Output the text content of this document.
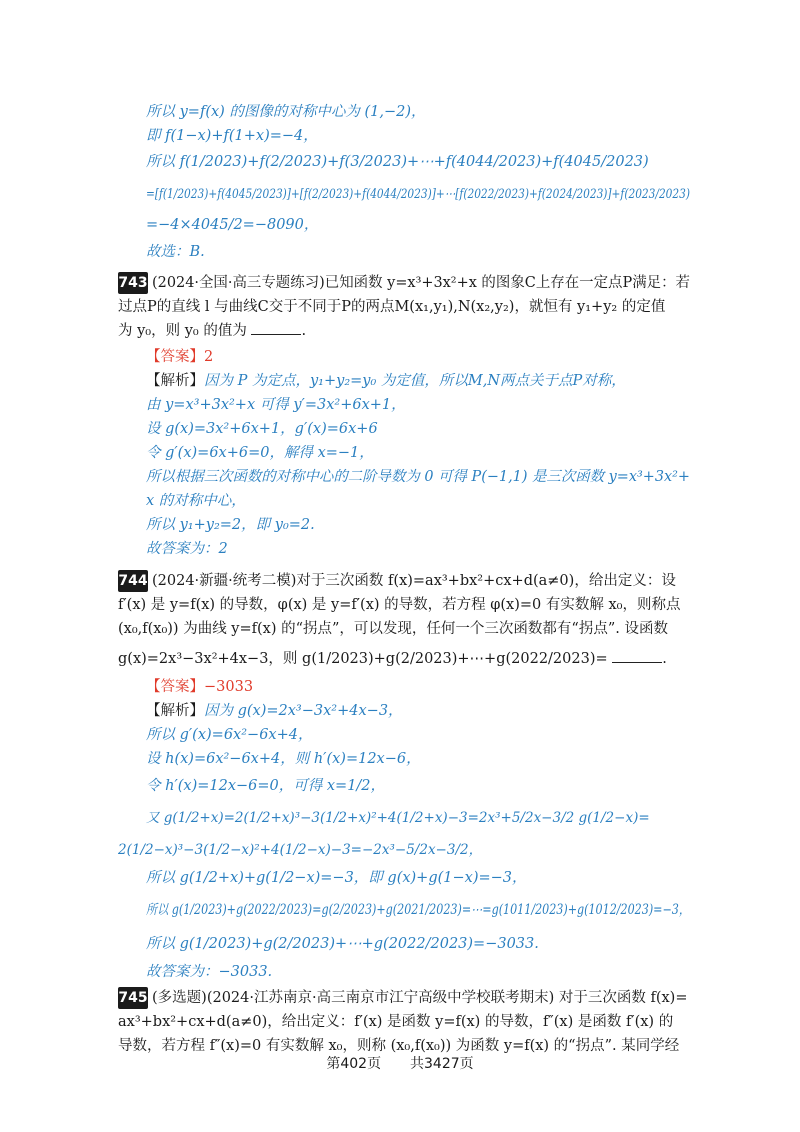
所以 y=f(x) 的图像的对称中心为 (1,−2)，
即 f(1−x)+f(1+x)=−4，
所以 f(1/2023)+f(2/2023)+f(3/2023)+⋯+f(4044/2023)+f(4045/2023)
=[f(1/2023)+f(4045/2023)]+[f(2/2023)+f(4044/2023)]+⋯[f(2022/2023)+f(2024/2023)]+f(2023/2023)
=−4×4045/2=−8090，
故选：B.
743 (2024·全国·高三专题练习)已知函数 y=x³+3x²+x 的图象C上存在一定点P满足：若
过点P的直线 l 与曲线C交于不同于P的两点M(x₁,y₁),N(x₂,y₂)，就恒有 y₁+y₂ 的定值
为 y₀，则 y₀ 的值为	.
【答案】2
【解析】因为 P 为定点，y₁+y₂=y₀ 为定值，所以M,N两点关于点P对称，
由 y=x³+3x²+x 可得 y′=3x²+6x+1，
设 g(x)=3x²+6x+1，g′(x)=6x+6
令 g′(x)=6x+6=0，解得 x=−1，
所以根据三次函数的对称中心的二阶导数为 0 可得 P(−1,1) 是三次函数 y=x³+3x²+
x 的对称中心，
所以 y₁+y₂=2，即 y₀=2.
故答案为：2
744 (2024·新疆·统考二模)对于三次函数 f(x)=ax³+bx²+cx+d(a≠0)，给出定义：设
f′(x) 是 y=f(x) 的导数，φ(x) 是 y=f′(x) 的导数，若方程 φ(x)=0 有实数解 x₀，则称点
(x₀,f(x₀)) 为曲线 y=f(x) 的“拐点”，可以发现，任何一个三次函数都有“拐点”. 设函数
g(x)=2x³−3x²+4x−3，则 g(1/2023)+g(2/2023)+⋯+g(2022/2023)=	.
【答案】−3033
【解析】因为 g(x)=2x³−3x²+4x−3，
所以 g′(x)=6x²−6x+4，
设 h(x)=6x²−6x+4，则 h′(x)=12x−6，
令 h′(x)=12x−6=0，可得 x=1/2，
又 g(1/2+x)=2(1/2+x)³−3(1/2+x)²+4(1/2+x)−3=2x³+5/2x−3/2 g(1/2−x)=
2(1/2−x)³−3(1/2−x)²+4(1/2−x)−3=−2x³−5/2x−3/2，
所以 g(1/2+x)+g(1/2−x)=−3，即 g(x)+g(1−x)=−3，
所以 g(1/2023)+g(2022/2023)=g(2/2023)+g(2021/2023)=⋯=g(1011/2023)+g(1012/2023)=−3，
所以 g(1/2023)+g(2/2023)+⋯+g(2022/2023)=−3033.
故答案为：−3033.
745 (多选题)(2024·江苏南京·高三南京市江宁高级中学校联考期末) 对于三次函数 f(x)=
ax³+bx²+cx+d(a≠0)，给出定义：f′(x) 是函数 y=f(x) 的导数，f″(x) 是函数 f′(x) 的
导数，若方程 f″(x)=0 有实数解 x₀，则称 (x₀,f(x₀)) 为函数 y=f(x) 的“拐点”. 某同学经
第402页 共3427页
